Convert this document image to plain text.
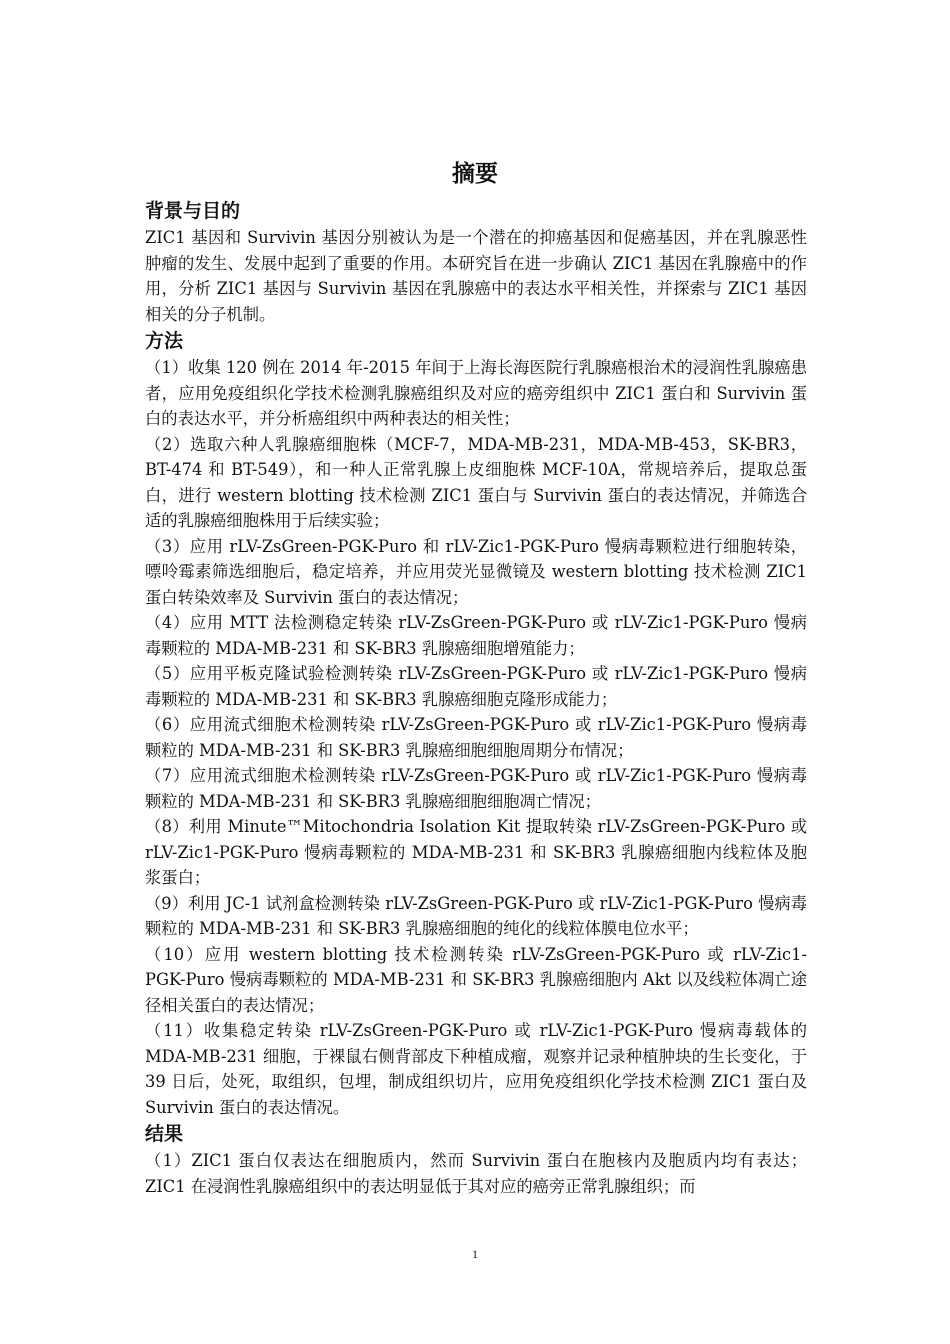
摘要
背景与目的

ZIC1 基因和 Survivin 基因分别被认为是一个潜在的抑癌基因和促癌基因，并在乳腺恶性肿瘤的发生、发展中起到了重要的作用。本研究旨在进一步确认 ZIC1 基因在乳腺癌中的作用，分析 ZIC1 基因与 Survivin 基因在乳腺癌中的表达水平相关性，并探索与 ZIC1 基因相关的分子机制。

方法

（1）收集 120 例在 2014 年-2015 年间于上海长海医院行乳腺癌根治术的浸润性乳腺癌患者，应用免疫组织化学技术检测乳腺癌组织及对应的癌旁组织中 ZIC1 蛋白和 Survivin 蛋白的表达水平，并分析癌组织中两种表达的相关性；

（2）选取六种人乳腺癌细胞株（MCF-7，MDA-MB-231，MDA-MB-453，SK-BR3，BT-474 和 BT-549），和一种人正常乳腺上皮细胞株 MCF-10A，常规培养后，提取总蛋白，进行 western blotting 技术检测 ZIC1 蛋白与 Survivin 蛋白的表达情况，并筛选合适的乳腺癌细胞株用于后续实验；

（3）应用 rLV-ZsGreen-PGK-Puro 和 rLV-Zic1-PGK-Puro 慢病毒颗粒进行细胞转染，嘌呤霉素筛选细胞后，稳定培养，并应用荧光显微镜及 western blotting 技术检测 ZIC1 蛋白转染效率及 Survivin 蛋白的表达情况；

（4）应用 MTT 法检测稳定转染 rLV-ZsGreen-PGK-Puro 或 rLV-Zic1-PGK-Puro 慢病毒颗粒的 MDA-MB-231 和 SK-BR3 乳腺癌细胞增殖能力；

（5）应用平板克隆试验检测转染 rLV-ZsGreen-PGK-Puro 或 rLV-Zic1-PGK-Puro 慢病毒颗粒的 MDA-MB-231 和 SK-BR3 乳腺癌细胞克隆形成能力；

（6）应用流式细胞术检测转染 rLV-ZsGreen-PGK-Puro 或 rLV-Zic1-PGK-Puro 慢病毒颗粒的 MDA-MB-231 和 SK-BR3 乳腺癌细胞细胞周期分布情况；

（7）应用流式细胞术检测转染 rLV-ZsGreen-PGK-Puro 或 rLV-Zic1-PGK-Puro 慢病毒颗粒的 MDA-MB-231 和 SK-BR3 乳腺癌细胞细胞凋亡情况；

（8）利用 Minute™Mitochondria Isolation Kit 提取转染 rLV-ZsGreen-PGK-Puro 或 rLV-Zic1-PGK-Puro 慢病毒颗粒的 MDA-MB-231 和 SK-BR3 乳腺癌细胞内线粒体及胞浆蛋白；

（9）利用 JC-1 试剂盒检测转染 rLV-ZsGreen-PGK-Puro 或 rLV-Zic1-PGK-Puro 慢病毒颗粒的 MDA-MB-231 和 SK-BR3 乳腺癌细胞的纯化的线粒体膜电位水平；

（10）应用 western blotting 技术检测转染 rLV-ZsGreen-PGK-Puro 或 rLV-Zic1-PGK-Puro 慢病毒颗粒的 MDA-MB-231 和 SK-BR3 乳腺癌细胞内 Akt 以及线粒体凋亡途径相关蛋白的表达情况；

（11）收集稳定转染 rLV-ZsGreen-PGK-Puro 或 rLV-Zic1-PGK-Puro 慢病毒载体的 MDA-MB-231 细胞，于裸鼠右侧背部皮下种植成瘤，观察并记录种植肿块的生长变化，于 39 日后，处死，取组织，包埋，制成组织切片，应用免疫组织化学技术检测 ZIC1 蛋白及 Survivin 蛋白的表达情况。

结果

（1）ZIC1 蛋白仅表达在细胞质内，然而 Survivin 蛋白在胞核内及胞质内均有表达；ZIC1 在浸润性乳腺癌组织中的表达明显低于其对应的癌旁正常乳腺组织；而

1
